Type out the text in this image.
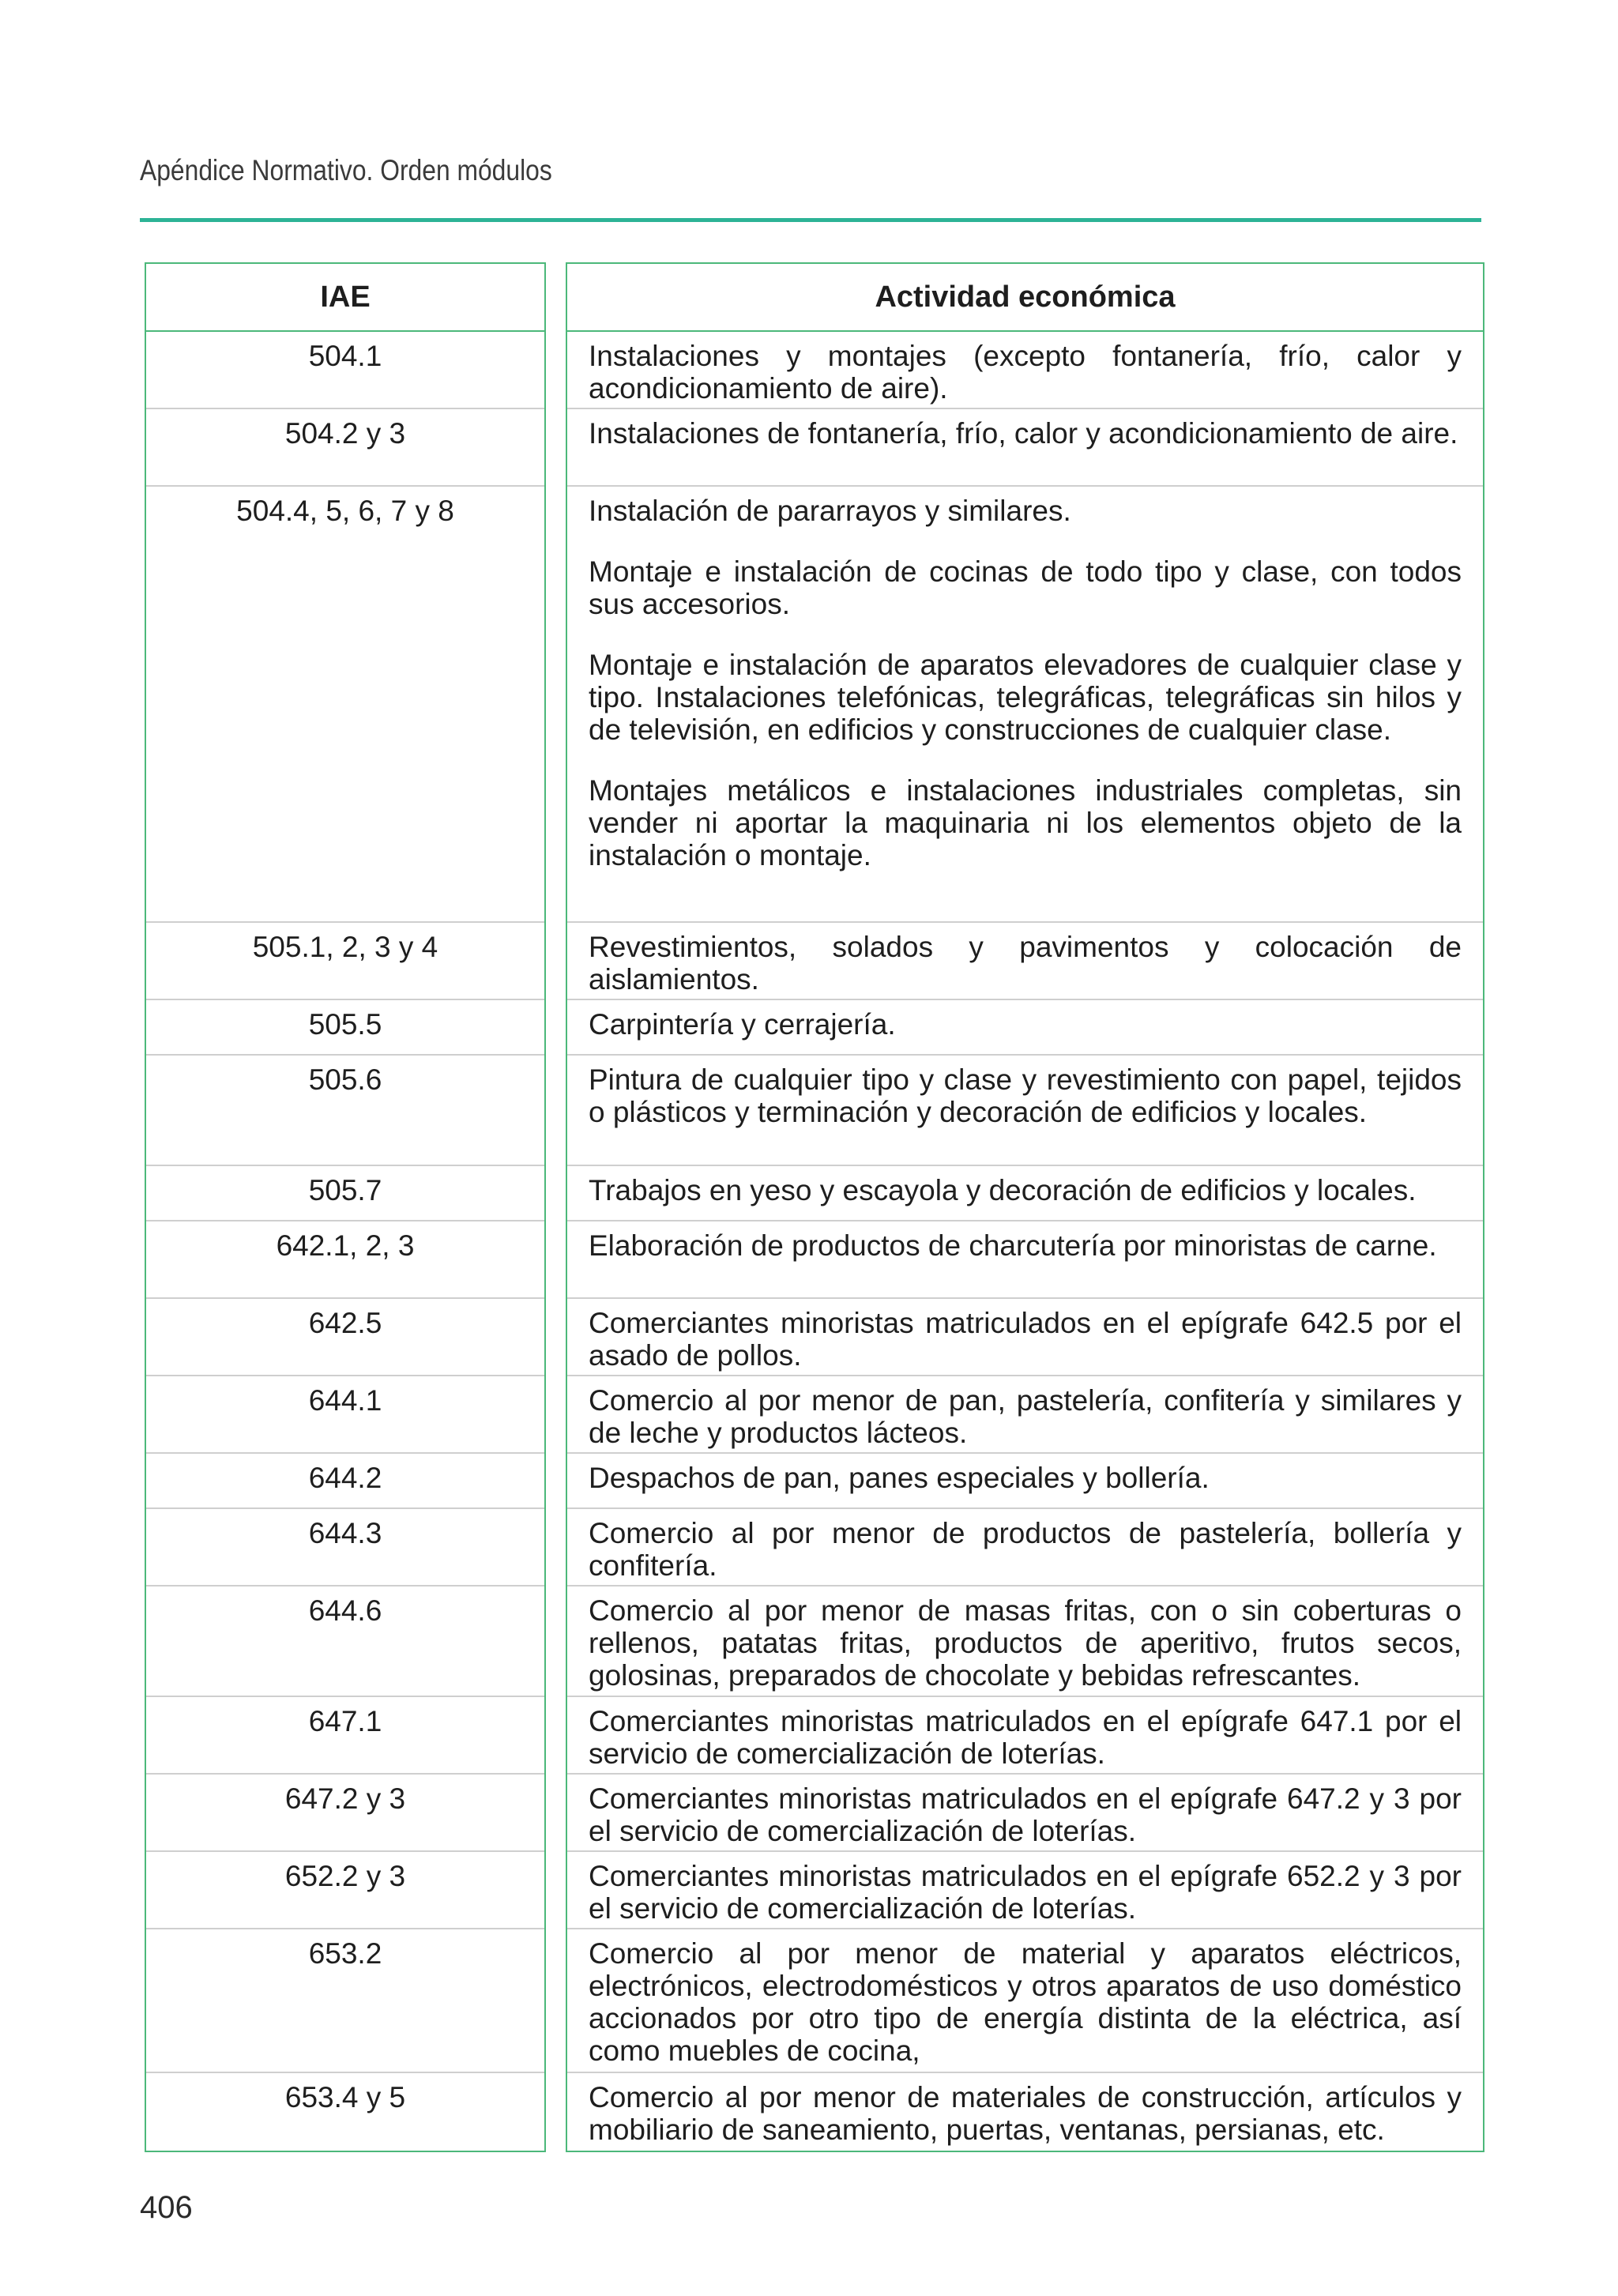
Apéndice Normativo. Orden módulos
IAE
504.1
504.2 y 3
504.4, 5, 6, 7 y 8
505.1, 2, 3 y 4
505.5
505.6
505.7
642.1, 2, 3
642.5
644.1
644.2
644.3
644.6
647.1
647.2 y 3
652.2 y 3
653.2
653.4 y 5
Actividad económica
Instalaciones y montajes (excepto fontanería, frío, calor y acondicionamiento de aire).
Instalaciones de fontanería, frío, calor y acondicionamiento de aire.
Instalación de pararrayos y similares.
Montaje e instalación de cocinas de todo tipo y clase, con todos sus accesorios.
Montaje e instalación de aparatos elevadores de cualquier clase y tipo. Instalaciones telefónicas, telegráficas, telegráficas sin hilos y de televisión, en edificios y construcciones de cualquier clase.
Montajes metálicos e instalaciones industriales completas, sin vender ni aportar la maquinaria ni los elementos objeto de la instalación o montaje.
Revestimientos, solados y pavimentos y colocación de aislamientos.
Carpintería y cerrajería.
Pintura de cualquier tipo y clase y revestimiento con papel, tejidos o plásticos y terminación y decoración de edificios y locales.
Trabajos en yeso y escayola y decoración de edificios y locales.
Elaboración de productos de charcutería por minoristas de carne.
Comerciantes minoristas matriculados en el epígrafe 642.5 por el asado de pollos.
Comercio al por menor de pan, pastelería, confitería y similares y de leche y productos lácteos.
Despachos de pan, panes especiales y bollería.
Comercio al por menor de productos de pastelería, bollería y confitería.
Comercio al por menor de masas fritas, con o sin coberturas o rellenos, patatas fritas, productos de aperitivo, frutos secos, golosinas, preparados de chocolate y bebidas refrescantes.
Comerciantes minoristas matriculados en el epígrafe 647.1 por el servicio de comercialización de loterías.
Comerciantes minoristas matriculados en el epígrafe 647.2 y 3 por el servicio de comercialización de loterías.
Comerciantes minoristas matriculados en el epígrafe 652.2 y 3 por el servicio de comercialización de loterías.
Comercio al por menor de material y aparatos eléctricos, electrónicos, electrodomésticos y otros aparatos de uso doméstico accionados por otro tipo de energía distinta de la eléctrica, así como muebles de cocina,
Comercio al por menor de materiales de construcción, artículos y mobiliario de saneamiento, puertas, ventanas, persianas, etc.
406
